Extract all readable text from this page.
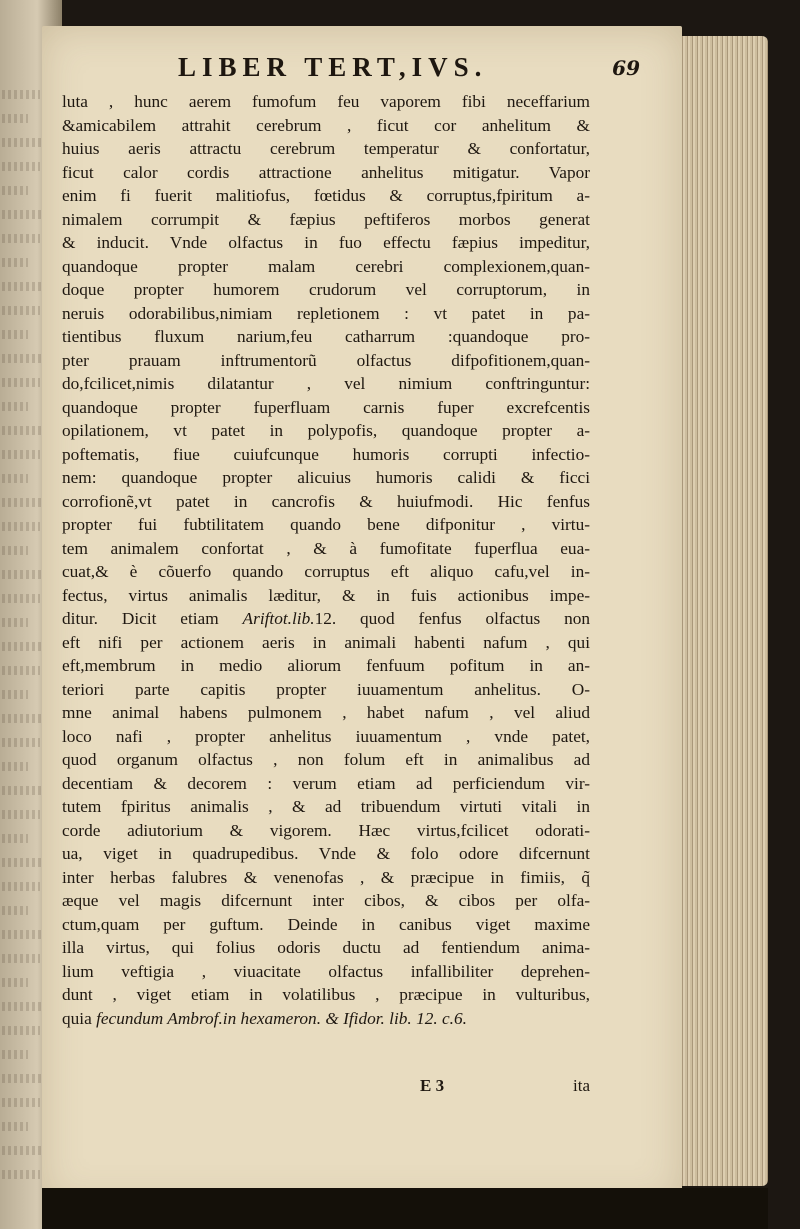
LIBER TERT,IVS.	69
luta , hunc aerem fumofum feu vaporem fibi neceffarium
&amicabilem attrahit cerebrum , ficut cor anhelitum &
huius aeris attractu cerebrum temperatur & confortatur,
ficut calor cordis attractione anhelitus mitigatur. Vapor
enim fi fuerit malitiofus, fœtidus & corruptus,fpiritum a-
nimalem corrumpit & fæpius peftiferos morbos generat
& inducit. Vnde olfactus in fuo effectu fæpius impeditur,
quandoque propter malam cerebri complexionem,quan-
doque propter humorem crudorum vel corruptorum, in
neruis odorabilibus,nimiam repletionem : vt patet in pa-
tientibus fluxum narium,feu catharrum :quandoque pro-
pter prauam inftrumentorũ olfactus difpofitionem,quan-
do,fcilicet,nimis dilatantur , vel nimium conftringuntur:
quandoque propter fuperfluam carnis fuper excrefcentis
opilationem, vt patet in polypofis, quandoque propter a-
poftematis, fiue cuiufcunque humoris corrupti infectio-
nem: quandoque propter alicuius humoris calidi & ficci
corrofionẽ,vt patet in cancrofis & huiufmodi. Hic fenfus
propter fui fubtilitatem quando bene difponitur , virtu-
tem animalem confortat , & à fumofitate fuperflua eua-
cuat,& è cõuerfo quando corruptus eft aliquo cafu,vel in-
fectus, virtus animalis læditur, & in fuis actionibus impe-
ditur. Dicit etiam Ariftot.lib.12. quod fenfus olfactus non
eft nifi per actionem aeris in animali habenti nafum , qui
eft,membrum in medio aliorum fenfuum pofitum in an-
teriori parte capitis propter iuuamentum anhelitus. O-
mne animal habens pulmonem , habet nafum , vel aliud
loco nafi , propter anhelitus iuuamentum , vnde patet,
quod organum olfactus , non folum eft in animalibus ad
decentiam & decorem : verum etiam ad perficiendum vir-
tutem fpiritus animalis , & ad tribuendum virtuti vitali in
corde adiutorium & vigorem. Hæc virtus,fcilicet odorati-
ua, viget in quadrupedibus. Vnde & folo odore difcernunt
inter herbas falubres & venenofas , & præcipue in fimiis, q̃
æque vel magis difcernunt inter cibos, & cibos per olfa-
ctum,quam per guftum. Deinde in canibus viget maxime
illa virtus, qui folius odoris ductu ad fentiendum anima-
lium veftigia , viuacitate olfactus infallibiliter deprehen-
dunt , viget etiam in volatilibus , præcipue in vulturibus,
quia fecundum Ambrof.in hexameron. & Ifidor. lib. 12. c.6.
E 3	ita
